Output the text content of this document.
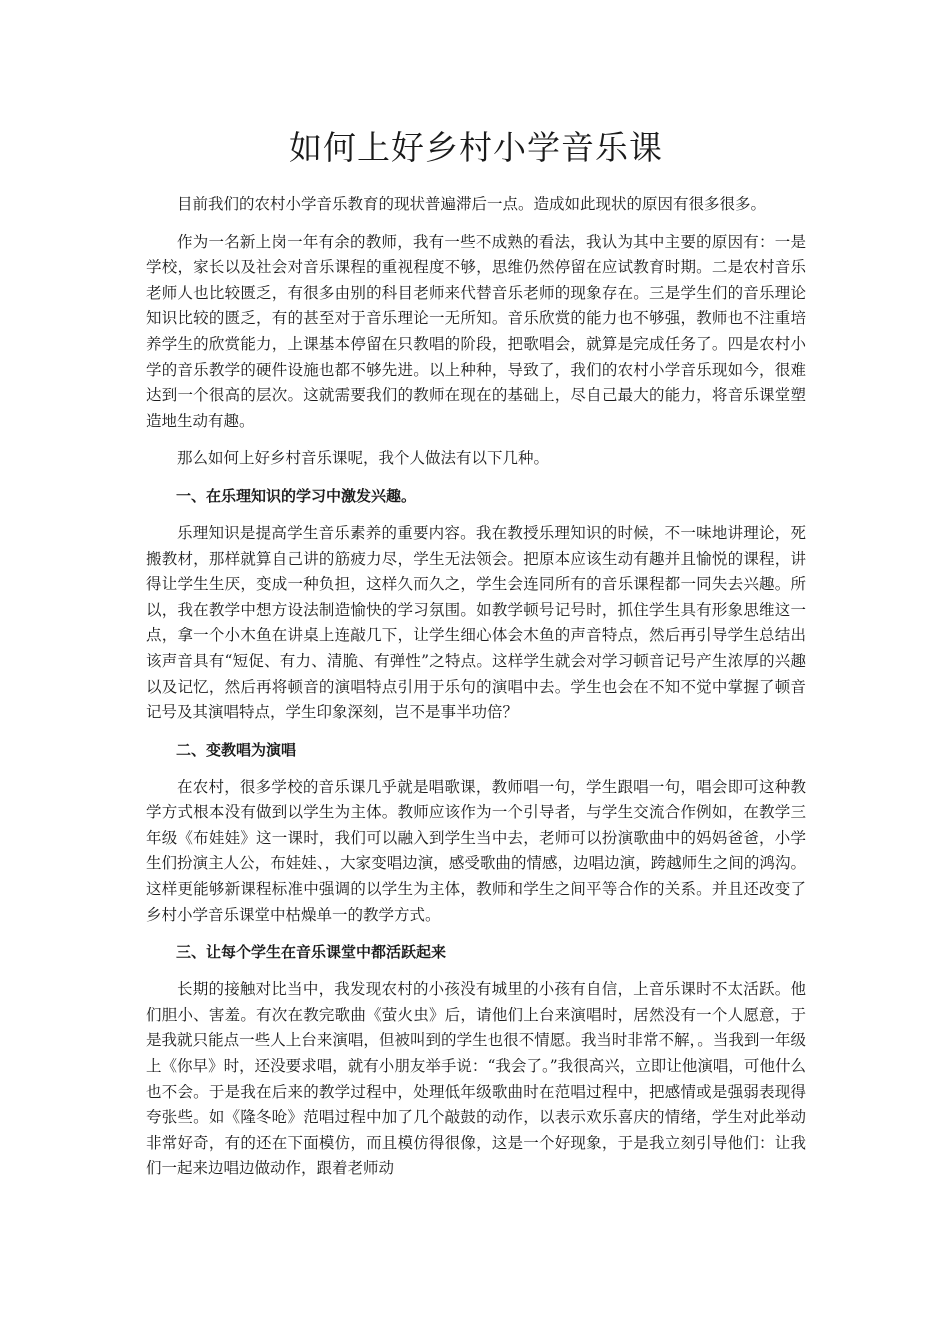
如何上好乡村小学音乐课

目前我们的农村小学音乐教育的现状普遍滞后一点。造成如此现状的原因有很多很多。

作为一名新上岗一年有余的教师，我有一些不成熟的看法，我认为其中主要的原因有：一是学校，家长以及社会对音乐课程的重视程度不够，思维仍然停留在应试教育时期。二是农村音乐老师人也比较匮乏，有很多由别的科目老师来代替音乐老师的现象存在。三是学生们的音乐理论知识比较的匮乏，有的甚至对于音乐理论一无所知。音乐欣赏的能力也不够强，教师也不注重培养学生的欣赏能力，上课基本停留在只教唱的阶段，把歌唱会，就算是完成任务了。四是农村小学的音乐教学的硬件设施也都不够先进。以上种种，导致了，我们的农村小学音乐现如今，很难达到一个很高的层次。这就需要我们的教师在现在的基础上，尽自己最大的能力，将音乐课堂塑造地生动有趣。

那么如何上好乡村音乐课呢，我个人做法有以下几种。

一、在乐理知识的学习中激发兴趣。

乐理知识是提高学生音乐素养的重要内容。我在教授乐理知识的时候，不一味地讲理论，死搬教材，那样就算自己讲的筋疲力尽，学生无法领会。把原本应该生动有趣并且愉悦的课程，讲得让学生生厌，变成一种负担，这样久而久之，学生会连同所有的音乐课程都一同失去兴趣。所以，我在教学中想方设法制造愉快的学习氛围。如教学顿号记号时，抓住学生具有形象思维这一点，拿一个小木鱼在讲桌上连敲几下，让学生细心体会木鱼的声音特点，然后再引导学生总结出该声音具有“短促、有力、清脆、有弹性”之特点。这样学生就会对学习顿音记号产生浓厚的兴趣以及记忆，然后再将顿音的演唱特点引用于乐句的演唱中去。学生也会在不知不觉中掌握了顿音记号及其演唱特点，学生印象深刻，岂不是事半功倍？

二、变教唱为演唱

在农村，很多学校的音乐课几乎就是唱歌课，教师唱一句，学生跟唱一句，唱会即可这种教学方式根本没有做到以学生为主体。教师应该作为一个引导者，与学生交流合作例如，在教学三年级《布娃娃》这一课时，我们可以融入到学生当中去，老师可以扮演歌曲中的妈妈爸爸，小学生们扮演主人公，布娃娃、，大家变唱边演，感受歌曲的情感，边唱边演，跨越师生之间的鸿沟。这样更能够新课程标准中强调的以学生为主体，教师和学生之间平等合作的关系。并且还改变了乡村小学音乐课堂中枯燥单一的教学方式。

三、让每个学生在音乐课堂中都活跃起来

长期的接触对比当中，我发现农村的小孩没有城里的小孩有自信，上音乐课时不太活跃。他们胆小、害羞。有次在教完歌曲《萤火虫》后，请他们上台来演唱时，居然没有一个人愿意，于是我就只能点一些人上台来演唱，但被叫到的学生也很不情愿。我当时非常不解，。当我到一年级上《你早》时，还没要求唱，就有小朋友举手说：“我会了。”我很高兴，立即让他演唱，可他什么也不会。于是我在后来的教学过程中，处理低年级歌曲时在范唱过程中，把感情或是强弱表现得夸张些。如《隆冬呛》范唱过程中加了几个敲鼓的动作，以表示欢乐喜庆的情绪，学生对此举动非常好奇，有的还在下面模仿，而且模仿得很像，这是一个好现象，于是我立刻引导他们：让我们一起来边唱边做动作，跟着老师动
